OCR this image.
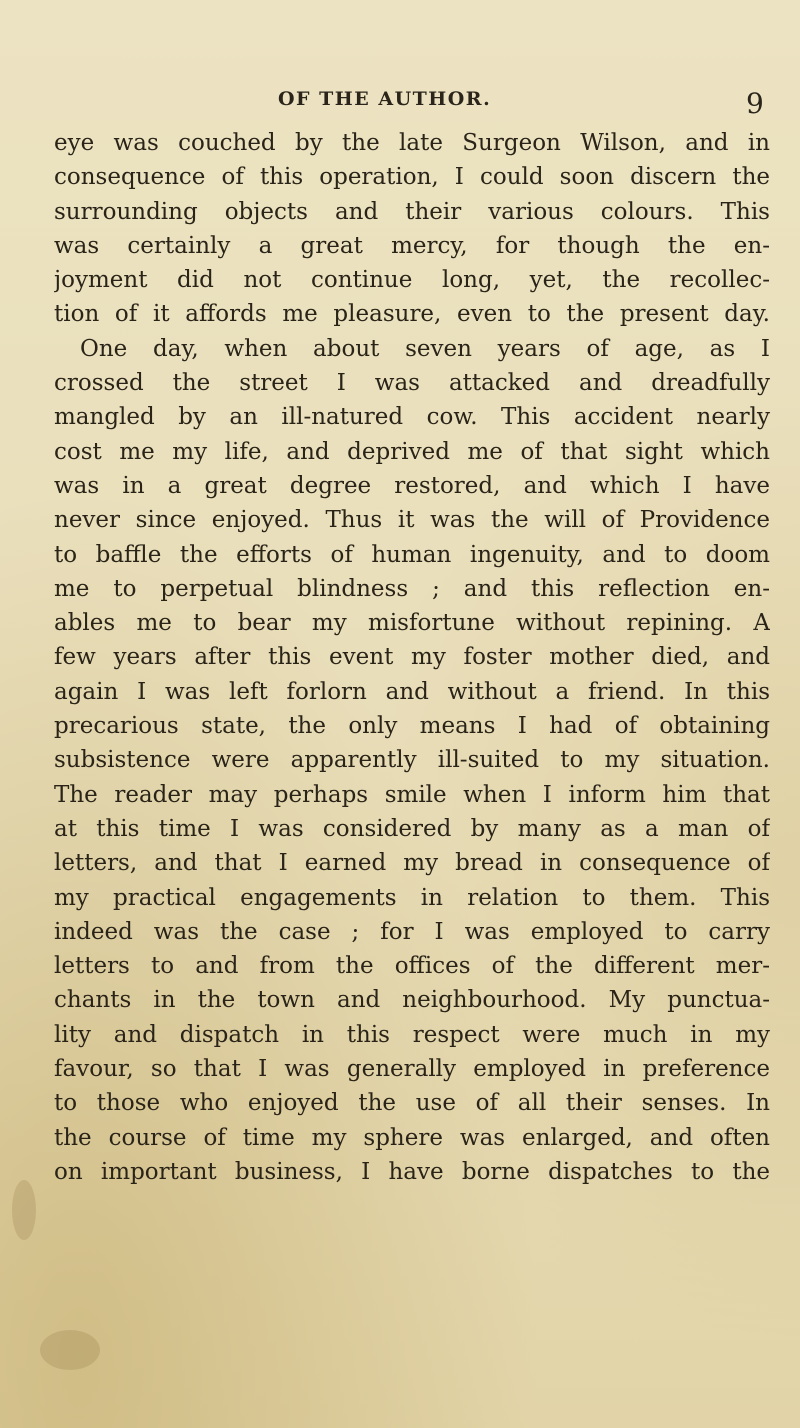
OF THE AUTHOR.	9
eye was couched by the late Surgeon Wilson, and in
consequence of this operation, I could soon discern the
surrounding objects and their various colours. This
was certainly a great mercy, for though the en-
joyment did not continue long, yet, the recollec-
tion of it affords me pleasure, even to the present day.
One day, when about seven years of age, as I
crossed the street I was attacked and dreadfully
mangled by an ill-natured cow. This accident nearly
cost me my life, and deprived me of that sight which
was in a great degree restored, and which I have
never since enjoyed. Thus it was the will of Providence
to baffle the efforts of human ingenuity, and to doom
me to perpetual blindness ; and this reflection en-
ables me to bear my misfortune without repining. A
few years after this event my foster mother died, and
again I was left forlorn and without a friend. In this
precarious state, the only means I had of obtaining
subsistence were apparently ill-suited to my situation.
The reader may perhaps smile when I inform him that
at this time I was considered by many as a man of
letters, and that I earned my bread in consequence of
my practical engagements in relation to them. This
indeed was the case ; for I was employed to carry
letters to and from the offices of the different mer-
chants in the town and neighbourhood. My punctua-
lity and dispatch in this respect were much in my
favour, so that I was generally employed in preference
to those who enjoyed the use of all their senses. In
the course of time my sphere was enlarged, and often
on important business, I have borne dispatches to the
